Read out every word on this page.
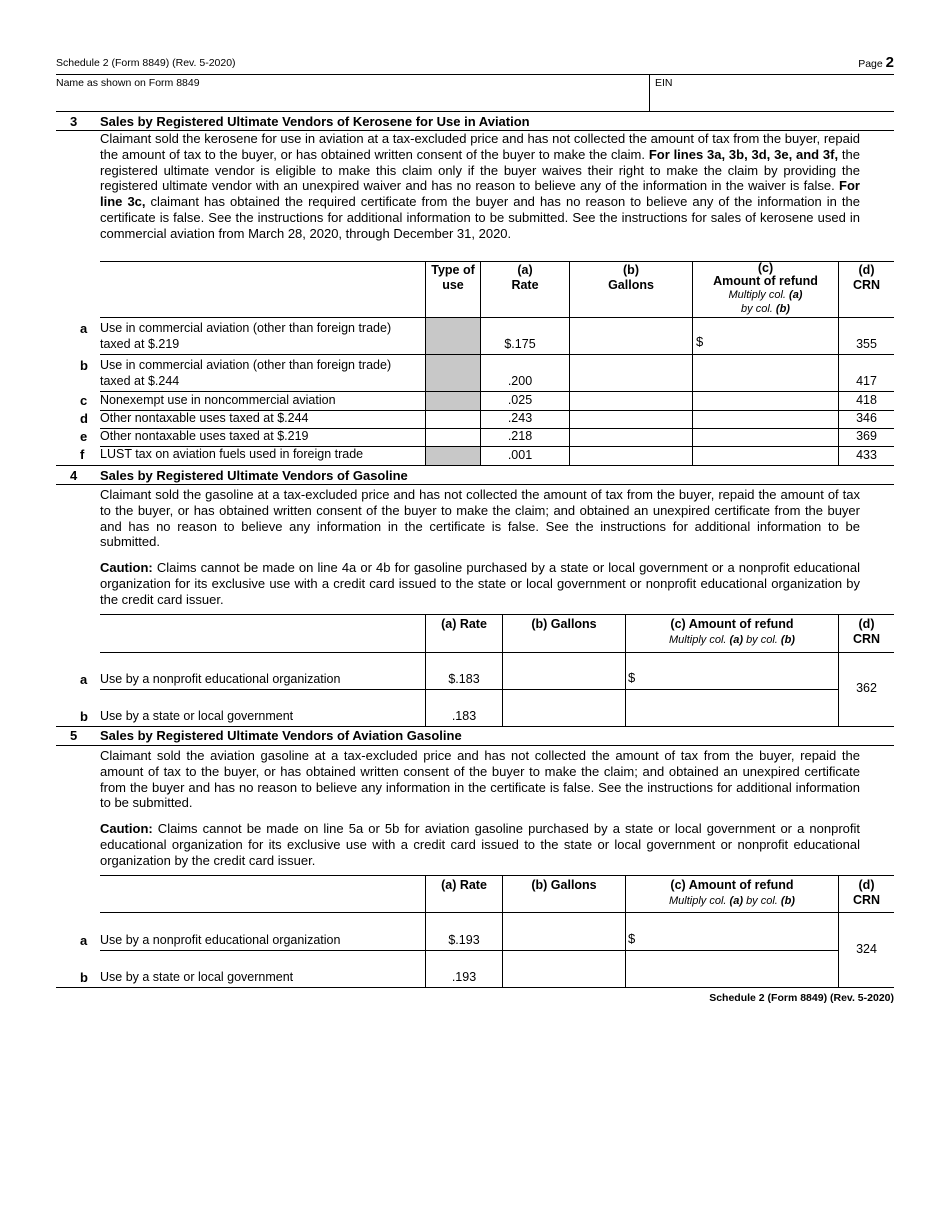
Schedule 2 (Form 8849) (Rev. 5-2020)	Page 2
Name as shown on Form 8849	EIN
3 Sales by Registered Ultimate Vendors of Kerosene for Use in Aviation
Claimant sold the kerosene for use in aviation at a tax-excluded price and has not collected the amount of tax from the buyer, repaid the amount of tax to the buyer, or has obtained written consent of the buyer to make the claim. For lines 3a, 3b, 3d, 3e, and 3f, the registered ultimate vendor is eligible to make this claim only if the buyer waives their right to make the claim by providing the registered ultimate vendor with an unexpired waiver and has no reason to believe any of the information in the waiver is false. For line 3c, claimant has obtained the required certificate from the buyer and has no reason to believe any of the information in the certificate is false. See the instructions for additional information to be submitted. See the instructions for sales of kerosene used in commercial aviation from March 28, 2020, through December 31, 2020.
Type of use
(a)
Rate
(b)
Gallons
(c)
Amount of refund
Multiply col. (a)
by col. (b)
(d)
CRN
a Use in commercial aviation (other than foreign trade) taxed at $.219	$.175	$	355
b Use in commercial aviation (other than foreign trade) taxed at $.244	.200	417
c Nonexempt use in noncommercial aviation	.025	418
d Other nontaxable uses taxed at $.244	.243	346
e Other nontaxable uses taxed at $.219	.218	369
f LUST tax on aviation fuels used in foreign trade	.001	433
4 Sales by Registered Ultimate Vendors of Gasoline
Claimant sold the gasoline at a tax-excluded price and has not collected the amount of tax from the buyer, repaid the amount of tax to the buyer, or has obtained written consent of the buyer to make the claim; and obtained an unexpired certificate from the buyer and has no reason to believe any information in the certificate is false. See the instructions for additional information to be submitted.
Caution: Claims cannot be made on line 4a or 4b for gasoline purchased by a state or local government or a nonprofit educational organization for its exclusive use with a credit card issued to the state or local government or nonprofit educational organization by the credit card issuer.
(a) Rate	(b) Gallons	(c) Amount of refund
Multiply col. (a) by col. (b)
(d)
CRN
a Use by a nonprofit educational organization	$.183	$
b Use by a state or local government	.183
362
5 Sales by Registered Ultimate Vendors of Aviation Gasoline
Claimant sold the aviation gasoline at a tax-excluded price and has not collected the amount of tax from the buyer, repaid the amount of tax to the buyer, or has obtained written consent of the buyer to make the claim; and obtained an unexpired certificate from the buyer and has no reason to believe any information in the certificate is false. See the instructions for additional information to be submitted.
Caution: Claims cannot be made on line 5a or 5b for aviation gasoline purchased by a state or local government or a nonprofit educational organization for its exclusive use with a credit card issued to the state or local government or nonprofit educational organization by the credit card issuer.
(a) Rate	(b) Gallons	(c) Amount of refund
Multiply col. (a) by col. (b)
(d)
CRN
a Use by a nonprofit educational organization	$.193	$
b Use by a state or local government	.193
324
Schedule 2 (Form 8849) (Rev. 5-2020)
